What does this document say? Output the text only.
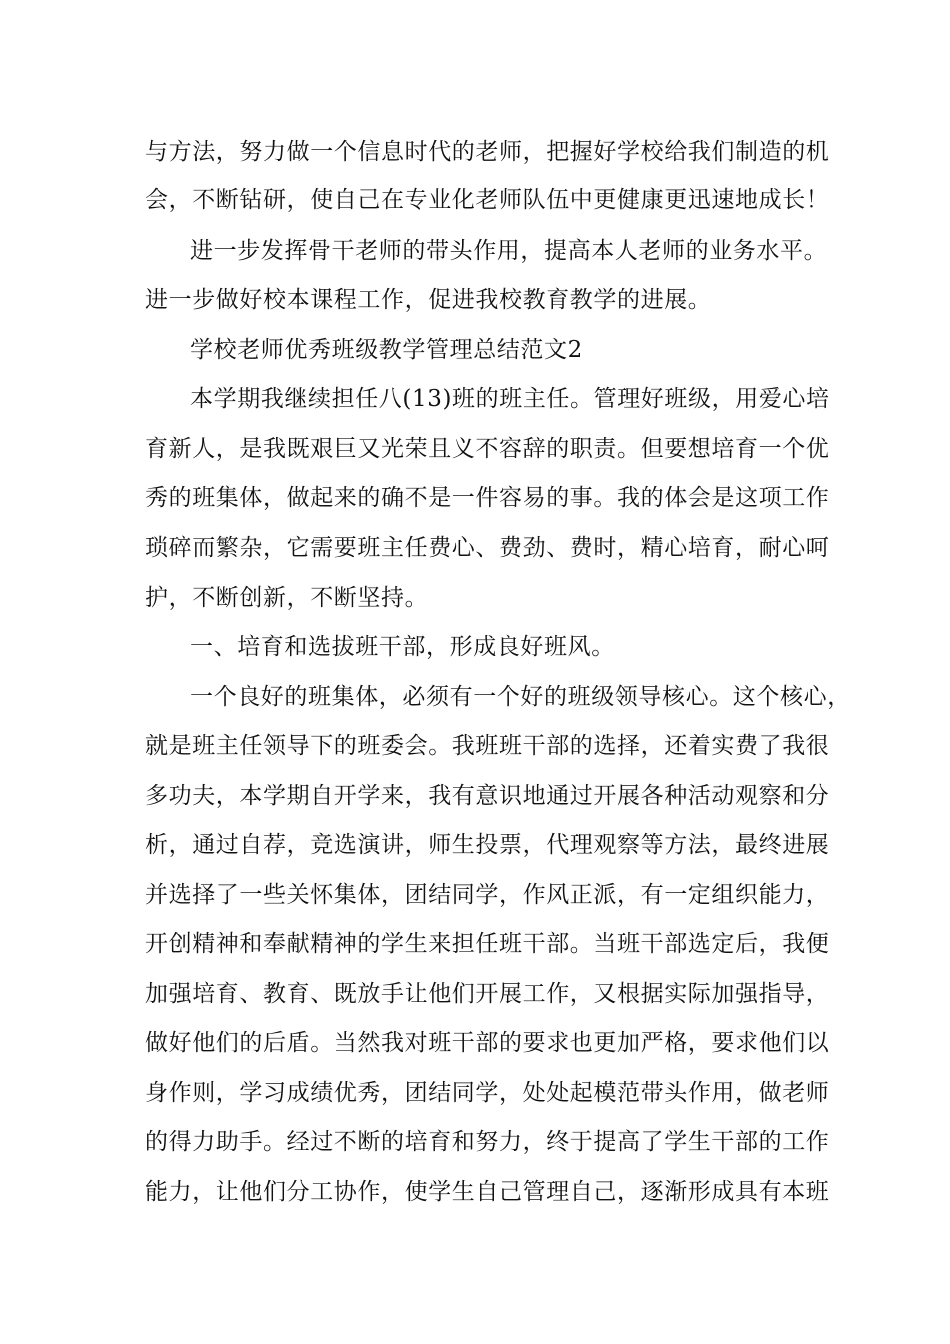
与方法，努力做一个信息时代的老师，把握好学校给我们制造的机
会，不断钻研，使自己在专业化老师队伍中更健康更迅速地成长！
进一步发挥骨干老师的带头作用，提高本人老师的业务水平。
进一步做好校本课程工作，促进我校教育教学的进展。
学校老师优秀班级教学管理总结范文2
本学期我继续担任八(13)班的班主任。管理好班级，用爱心培
育新人，是我既艰巨又光荣且义不容辞的职责。但要想培育一个优
秀的班集体，做起来的确不是一件容易的事。我的体会是这项工作
琐碎而繁杂，它需要班主任费心、费劲、费时，精心培育，耐心呵
护，不断创新，不断坚持。
一、培育和选拔班干部，形成良好班风。
一个良好的班集体，必须有一个好的班级领导核心。这个核心，
就是班主任领导下的班委会。我班班干部的选择，还着实费了我很
多功夫，本学期自开学来，我有意识地通过开展各种活动观察和分
析，通过自荐，竞选演讲，师生投票，代理观察等方法，最终进展
并选择了一些关怀集体，团结同学，作风正派，有一定组织能力，
开创精神和奉献精神的学生来担任班干部。当班干部选定后，我便
加强培育、教育、既放手让他们开展工作，又根据实际加强指导，
做好他们的后盾。当然我对班干部的要求也更加严格，要求他们以
身作则，学习成绩优秀，团结同学，处处起模范带头作用，做老师
的得力助手。经过不断的培育和努力，终于提高了学生干部的工作
能力，让他们分工协作，使学生自己管理自己，逐渐形成具有本班
